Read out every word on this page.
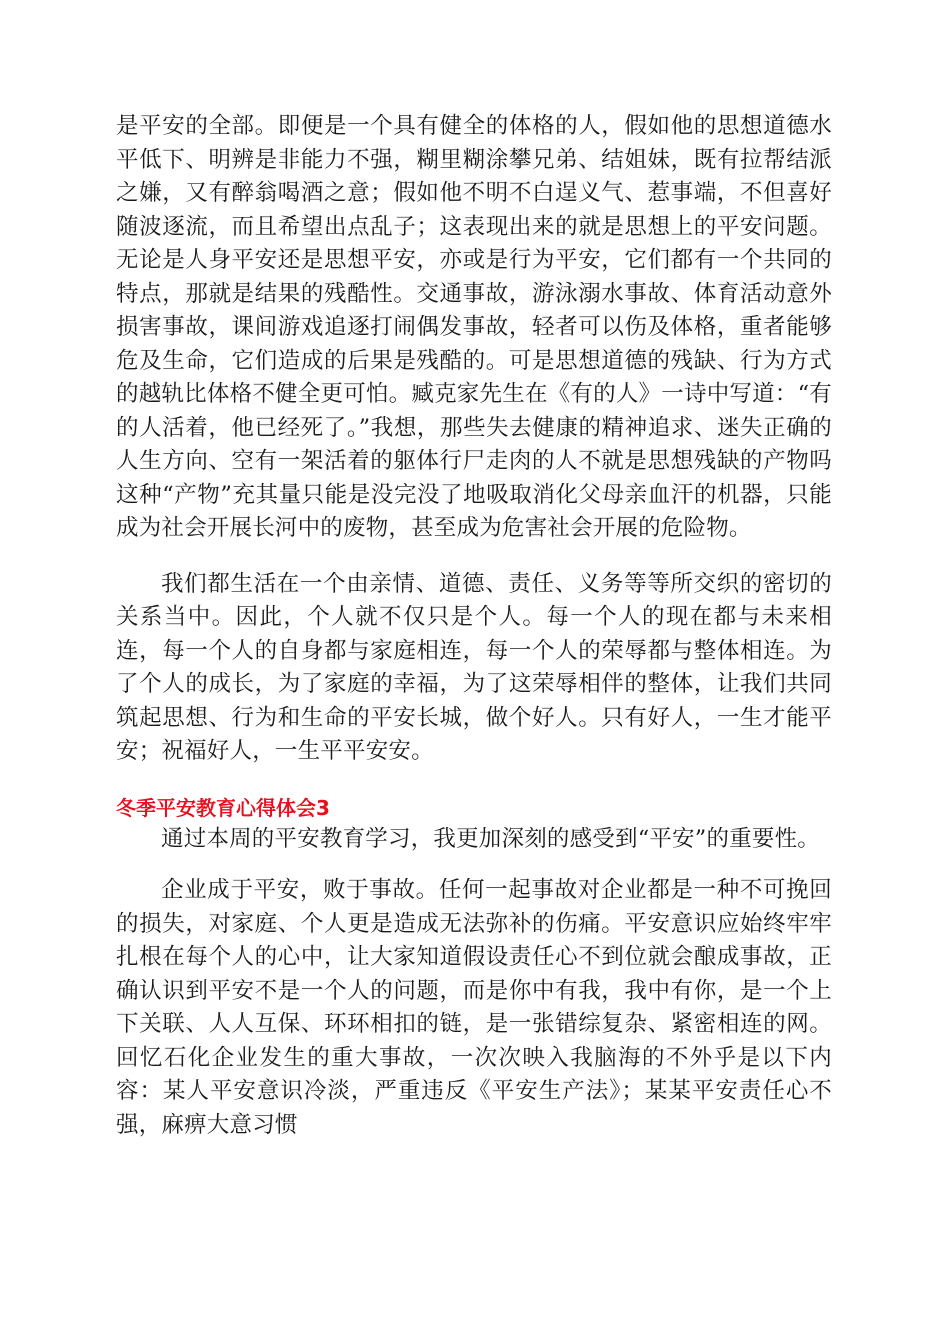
是平安的全部。即便是一个具有健全的体格的人，假如他的思想道德水平低下、明辨是非能力不强，糊里糊涂攀兄弟、结姐妹，既有拉帮结派之嫌，又有醉翁喝酒之意；假如他不明不白逞义气、惹事端，不但喜好随波逐流，而且希望出点乱子；这表现出来的就是思想上的平安问题。无论是人身平安还是思想平安，亦或是行为平安，它们都有一个共同的特点，那就是结果的残酷性。交通事故，游泳溺水事故、体育活动意外损害事故，课间游戏追逐打闹偶发事故，轻者可以伤及体格，重者能够危及生命，它们造成的后果是残酷的。可是思想道德的残缺、行为方式的越轨比体格不健全更可怕。臧克家先生在《有的人》一诗中写道：“有的人活着，他已经死了。”我想，那些失去健康的精神追求、迷失正确的人生方向、空有一架活着的躯体行尸走肉的人不就是思想残缺的产物吗这种“产物”充其量只能是没完没了地吸取消化父母亲血汗的机器，只能成为社会开展长河中的废物，甚至成为危害社会开展的危险物。

我们都生活在一个由亲情、道德、责任、义务等等所交织的密切的关系当中。因此，个人就不仅只是个人。每一个人的现在都与未来相连，每一个人的自身都与家庭相连，每一个人的荣辱都与整体相连。为了个人的成长，为了家庭的幸福，为了这荣辱相伴的整体，让我们共同筑起思想、行为和生命的平安长城，做个好人。只有好人，一生才能平安；祝福好人，一生平平安安。

冬季平安教育心得体会3

通过本周的平安教育学习，我更加深刻的感受到“平安”的重要性。

企业成于平安，败于事故。任何一起事故对企业都是一种不可挽回的损失，对家庭、个人更是造成无法弥补的伤痛。平安意识应始终牢牢扎根在每个人的心中，让大家知道假设责任心不到位就会酿成事故，正确认识到平安不是一个人的问题，而是你中有我，我中有你，是一个上下关联、人人互保、环环相扣的链，是一张错综复杂、紧密相连的网。回忆石化企业发生的重大事故，一次次映入我脑海的不外乎是以下内容：某人平安意识冷淡，严重违反《平安生产法》；某某平安责任心不强，麻痹大意习惯
